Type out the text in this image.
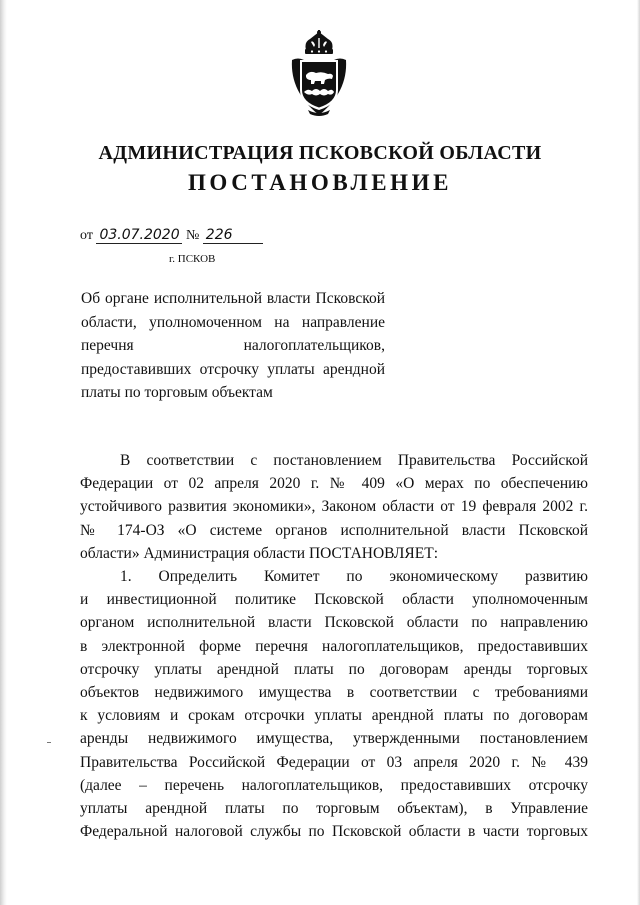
АДМИНИСТРАЦИЯ ПСКОВСКОЙ ОБЛАСТИ
ПОСТАНОВЛЕНИЕ
от 03.07.2020 № 226
г. ПСКОВ
Об органе исполнительной власти Псковской области, уполномоченном на направление перечня налогоплательщиков, предоставивших отсрочку уплаты арендной платы по торговым объектам

В соответствии с постановлением Правительства Российской

Федерации от 02 апреля 2020 г. № 409 «О мерах по обеспечению

устойчивого развития экономики», Законом области от 19 февраля 2002 г.

№ 174-ОЗ «О системе органов исполнительной власти Псковской

области» Администрация области ПОСТАНОВЛЯЕТ:

1. Определить Комитет по экономическому развитию

и инвестиционной политике Псковской области уполномоченным

органом исполнительной власти Псковской области по направлению

в электронной форме перечня налогоплательщиков, предоставивших

отсрочку уплаты арендной платы по договорам аренды торговых

объектов недвижимого имущества в соответствии с требованиями

к условиям и срокам отсрочки уплаты арендной платы по договорам

аренды недвижимого имущества, утвержденными постановлением

Правительства Российской Федерации от 03 апреля 2020 г. № 439

(далее – перечень налогоплательщиков, предоставивших отсрочку

уплаты арендной платы по торговым объектам), в Управление

Федеральной налоговой службы по Псковской области в части торговых
